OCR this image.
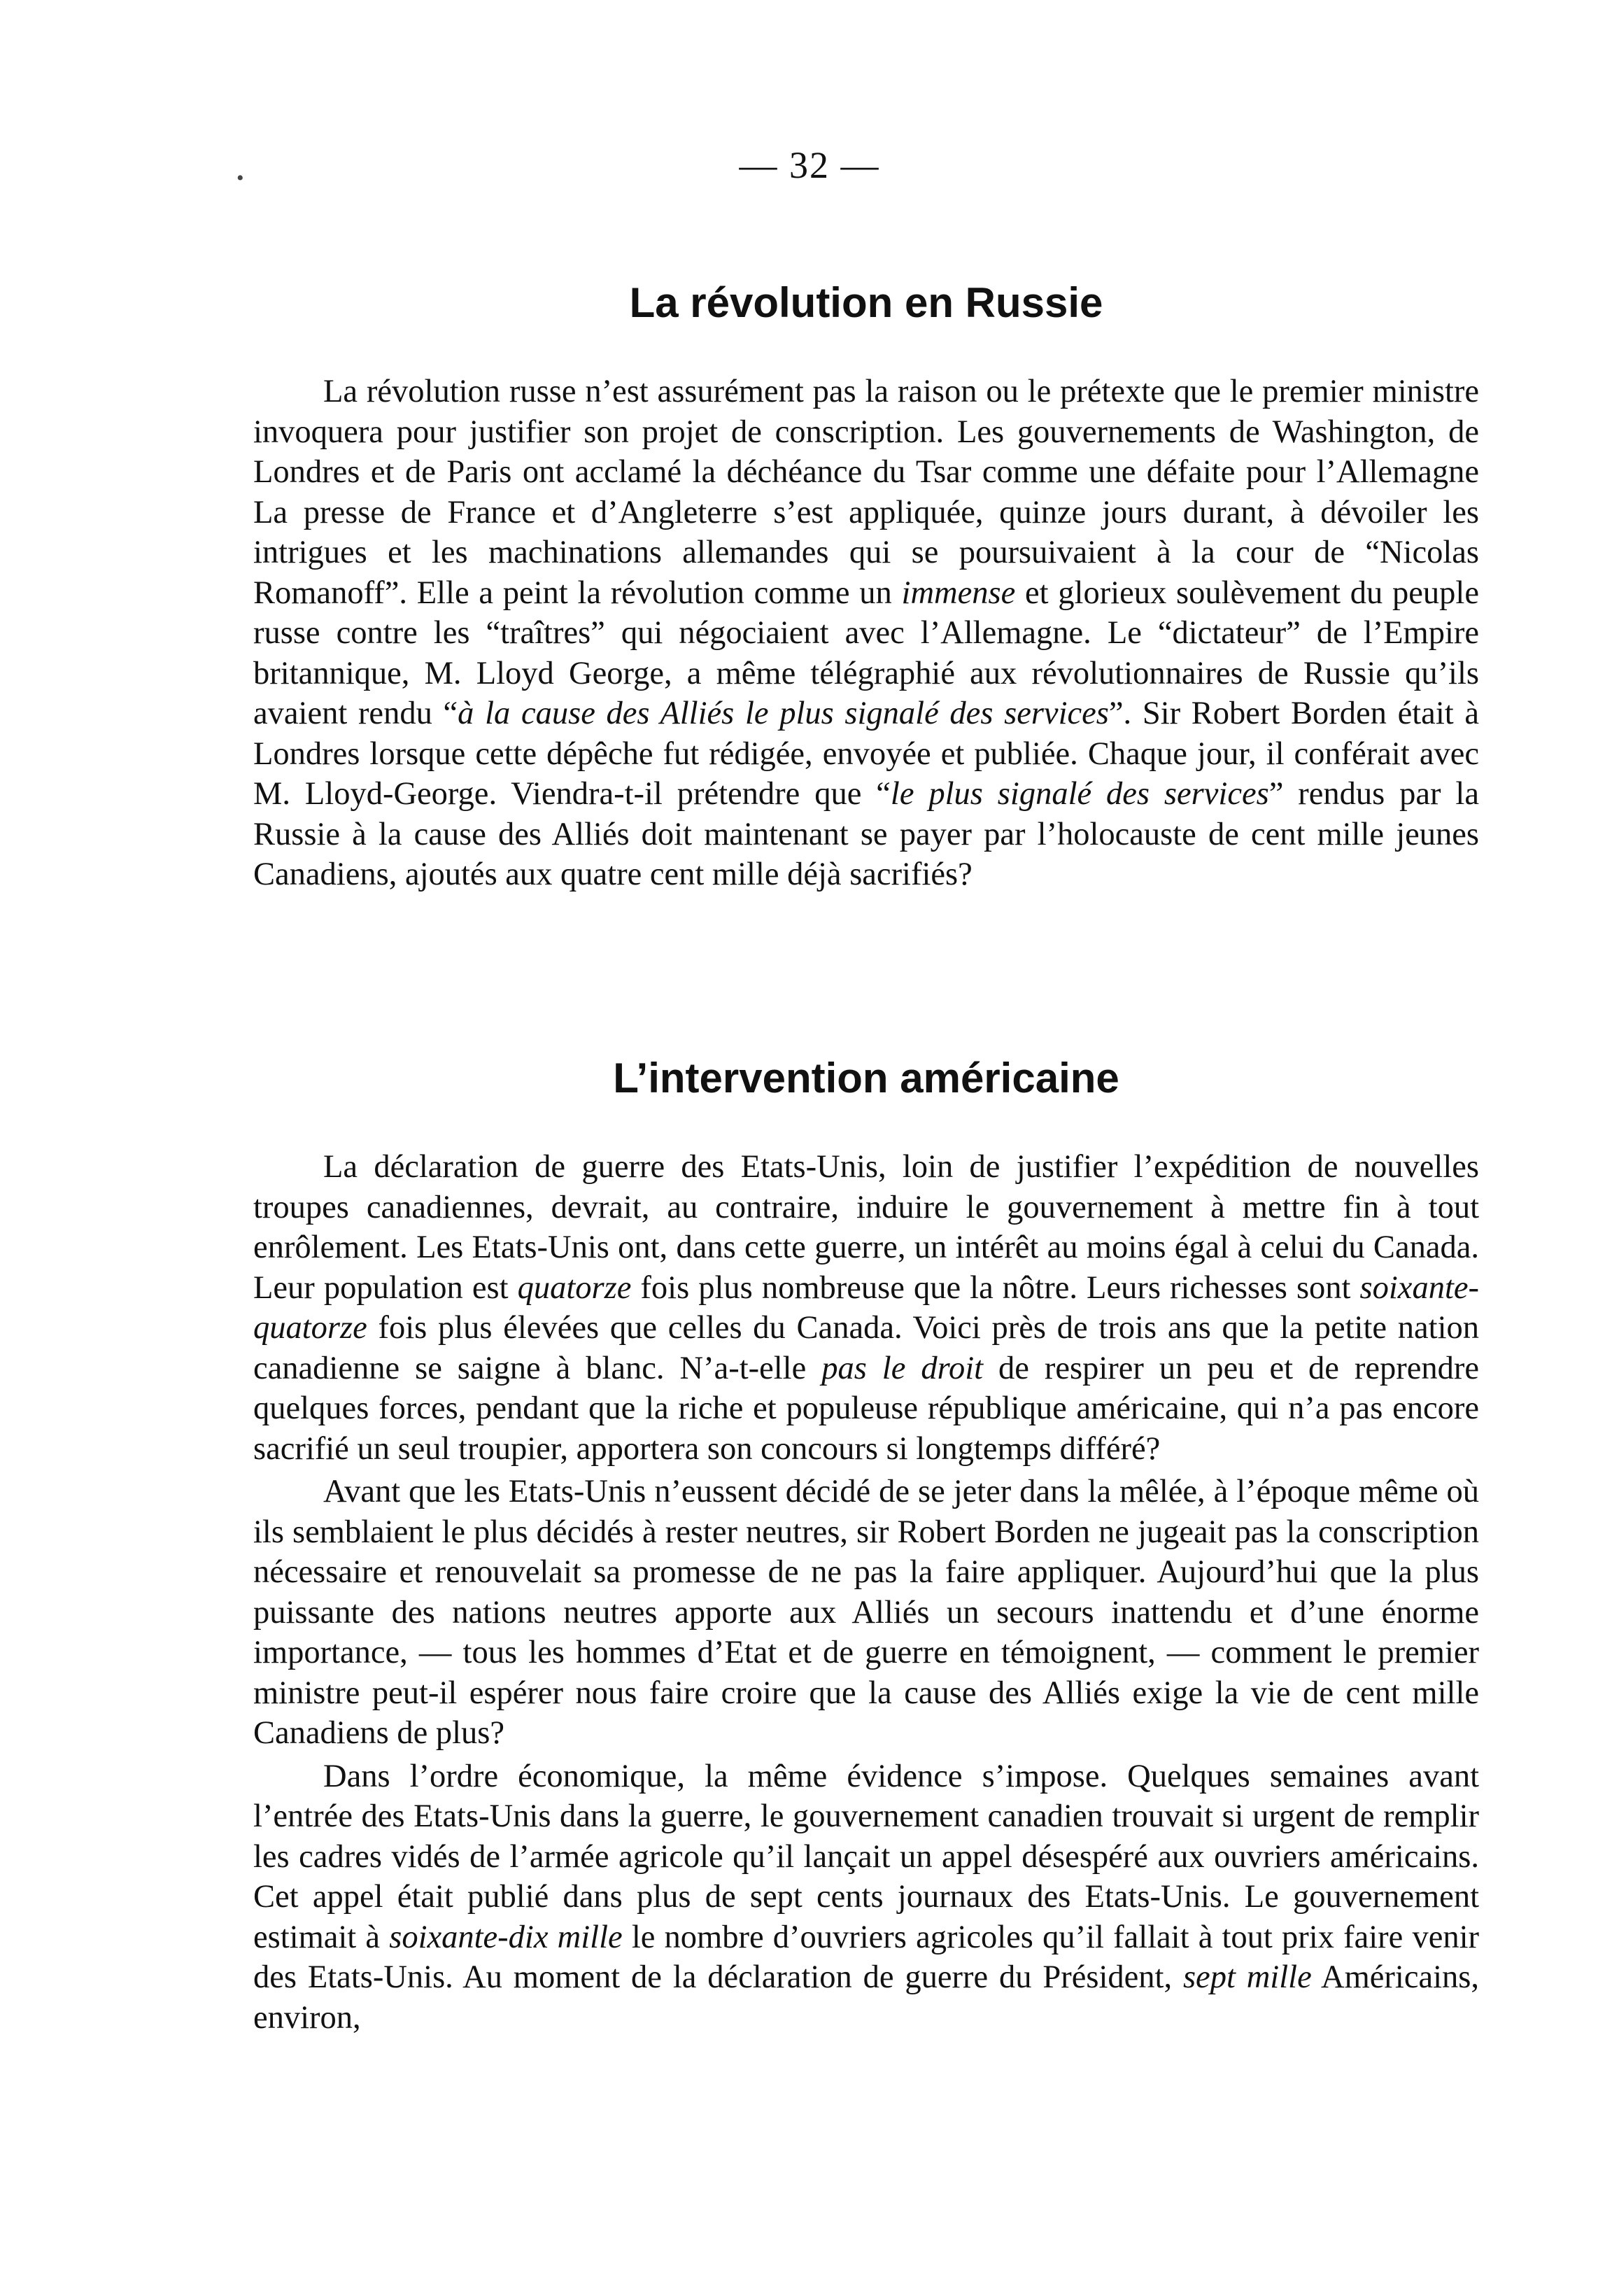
•	— 32 —
La révolution en Russie

La révolution russe n’est assurément pas la raison ou le prétexte que le premier ministre invoquera pour justifier son projet de conscription. Les gouvernements de Washington, de Londres et de Paris ont acclamé la déchéance du Tsar comme une défaite pour l’Allemagne La presse de France et d’Angleterre s’est appliquée, quinze jours durant, à dévoiler les intrigues et les machinations allemandes qui se poursuivaient à la cour de “Nicolas Romanoff”. Elle a peint la révolution comme un immense et glorieux soulèvement du peuple russe contre les “traîtres” qui négociaient avec l’Allemagne. Le “dictateur” de l’Empire britannique, M. Lloyd George, a même télégraphié aux révolutionnaires de Russie qu’ils avaient rendu “à la cause des Alliés le plus signalé des services”. Sir Robert Borden était à Londres lorsque cette dépêche fut rédigée, envoyée et publiée. Chaque jour, il conférait avec M. Lloyd-George. Viendra-t-il prétendre que “le plus signalé des services” rendus par la Russie à la cause des Alliés doit maintenant se payer par l’holocauste de cent mille jeunes Canadiens, ajoutés aux quatre cent mille déjà sacrifiés?

L’intervention américaine

La déclaration de guerre des Etats-Unis, loin de justifier l’expédition de nouvelles troupes canadiennes, devrait, au contraire, induire le gouvernement à mettre fin à tout enrôlement. Les Etats-Unis ont, dans cette guerre, un intérêt au moins égal à celui du Canada. Leur population est quatorze fois plus nombreuse que la nôtre. Leurs richesses sont soixante-quatorze fois plus élevées que celles du Canada. Voici près de trois ans que la petite nation canadienne se saigne à blanc. N’a-t-elle pas le droit de respirer un peu et de reprendre quelques forces, pendant que la riche et populeuse république américaine, qui n’a pas encore sacrifié un seul troupier, apportera son concours si longtemps différé?

Avant que les Etats-Unis n’eussent décidé de se jeter dans la mêlée, à l’époque même où ils semblaient le plus décidés à rester neutres, sir Robert Borden ne jugeait pas la conscription nécessaire et renouvelait sa promesse de ne pas la faire appliquer. Aujourd’hui que la plus puissante des nations neutres apporte aux Alliés un secours inattendu et d’une énorme importance, — tous les hommes d’Etat et de guerre en témoignent, — comment le premier ministre peut-il espérer nous faire croire que la cause des Alliés exige la vie de cent mille Canadiens de plus?

Dans l’ordre économique, la même évidence s’impose. Quelques semaines avant l’entrée des Etats-Unis dans la guerre, le gouvernement canadien trouvait si urgent de remplir les cadres vidés de l’armée agricole qu’il lançait un appel désespéré aux ouvriers américains. Cet appel était publié dans plus de sept cents journaux des Etats-Unis. Le gouvernement estimait à soixante-dix mille le nombre d’ouvriers agricoles qu’il fallait à tout prix faire venir des Etats-Unis. Au moment de la déclaration de guerre du Président, sept mille Américains, environ,
